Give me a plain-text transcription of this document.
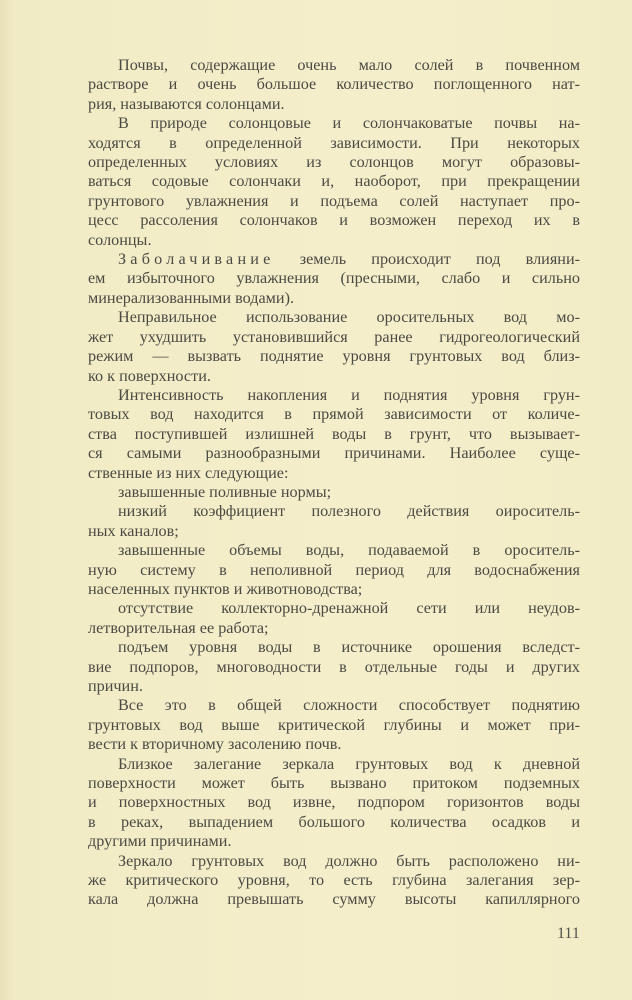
Почвы, содержащие очень мало солей в почвенном
растворе и очень большое количество поглощенного нат-
рия, называются солонцами.
В природе солонцовые и солончаковатые почвы на-
ходятся в определенной зависимости. При некоторых
определенных условиях из солонцов могут образовы-
ваться содовые солончаки и, наоборот, при прекращении
грунтового увлажнения и подъема солей наступает про-
цесс рассоления солончаков и возможен переход их в
солонцы.
Заболачивание земель происходит под влияни-
ем избыточного увлажнения (пресными, слабо и сильно
минерализованными водами).
Неправильное использование оросительных вод мо-
жет ухудшить установившийся ранее гидрогеологический
режим — вызвать поднятие уровня грунтовых вод близ-
ко к поверхности.
Интенсивность накопления и поднятия уровня грун-
товых вод находится в прямой зависимости от количе-
ства поступившей излишней воды в грунт, что вызывает-
ся самыми разнообразными причинами. Наиболее суще-
ственные из них следующие:
завышенные поливные нормы;
низкий коэффициент полезного действия оироситель-
ных каналов;
завышенные объемы воды, подаваемой в ороситель-
ную систему в неполивной период для водоснабжения
населенных пунктов и животноводства;
отсутствие коллекторно-дренажной сети или неудов-
летворительная ее работа;
подъем уровня воды в источнике орошения вследст-
вие подпоров, многоводности в отдельные годы и других
причин.
Все это в общей сложности способствует поднятию
грунтовых вод выше критической глубины и может при-
вести к вторичному засолению почв.
Близкое залегание зеркала грунтовых вод к дневной
поверхности может быть вызвано притоком подземных
и поверхностных вод извне, подпором горизонтов воды
в реках, выпадением большого количества осадков и
другими причинами.
Зеркало грунтовых вод должно быть расположено ни-
же критического уровня, то есть глубина залегания зер-
кала должна превышать сумму высоты капиллярного
111
